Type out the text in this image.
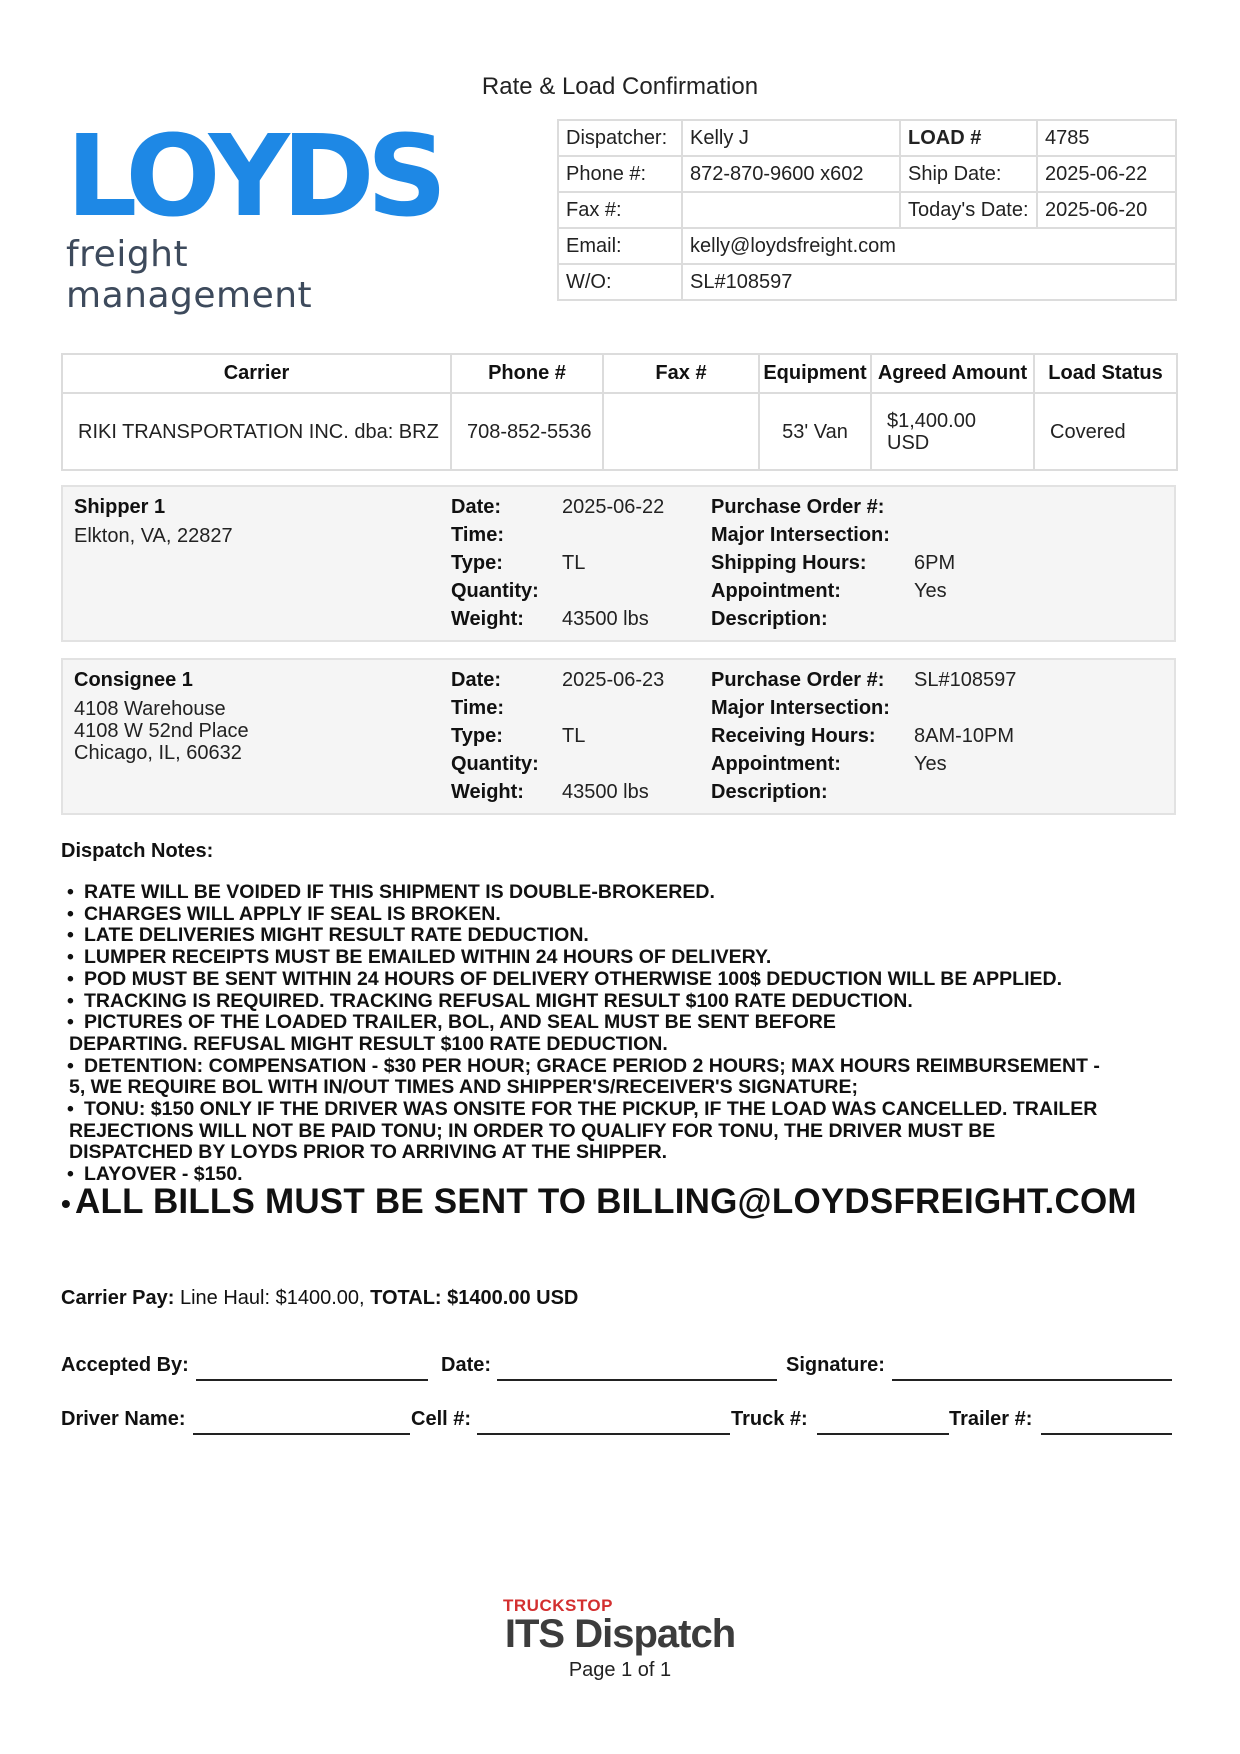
Rate & Load Confirmation
LOYDS
freight management
Dispatcher:	Kelly J	LOAD #	4785
Phone #:	872-870-9600 x602	Ship Date:	2025-06-22
Fax #:		Today's Date:	2025-06-20
Email:	kelly@loydsfreight.com		
W/O:	SL#108597		
Carrier	Phone #	Fax #	Equipment	Agreed Amount	Load Status
RIKI TRANSPORTATION INC. dba: BRZ	708-852-5536		53' Van	$1,400.00 USD	Covered
Shipper 1
Elkton, VA, 22827
Date:	2025-06-22
Time:
Type:	TL
Quantity:
Weight: 43500 lbs
Purchase Order #:
Major Intersection:
Shipping Hours: 6PM
Appointment:	Yes
Description:
Consignee 1
4108 Warehouse
4108 W 52nd Place
Chicago, IL, 60632
Date:	2025-06-23
Time:
Type:	TL
Quantity:
Weight: 43500 lbs
Purchase Order #: SL#108597
Major Intersection:
Receiving Hours: 8AM-10PM
Appointment:	Yes
Description:
Dispatch Notes:
• RATE WILL BE VOIDED IF THIS SHIPMENT IS DOUBLE-BROKERED.
• CHARGES WILL APPLY IF SEAL IS BROKEN.
• LATE DELIVERIES MIGHT RESULT RATE DEDUCTION.
• LUMPER RECEIPTS MUST BE EMAILED WITHIN 24 HOURS OF DELIVERY.
• POD MUST BE SENT WITHIN 24 HOURS OF DELIVERY OTHERWISE 100$ DEDUCTION WILL BE APPLIED.
• TRACKING IS REQUIRED. TRACKING REFUSAL MIGHT RESULT $100 RATE DEDUCTION.
• PICTURES OF THE LOADED TRAILER, BOL, AND SEAL MUST BE SENT BEFORE
DEPARTING. REFUSAL MIGHT RESULT $100 RATE DEDUCTION.
• DETENTION: COMPENSATION - $30 PER HOUR; GRACE PERIOD 2 HOURS; MAX HOURS REIMBURSEMENT -
5, WE REQUIRE BOL WITH IN/OUT TIMES AND SHIPPER'S/RECEIVER'S SIGNATURE;
• TONU: $150 ONLY IF THE DRIVER WAS ONSITE FOR THE PICKUP, IF THE LOAD WAS CANCELLED. TRAILER
REJECTIONS WILL NOT BE PAID TONU; IN ORDER TO QUALIFY FOR TONU, THE DRIVER MUST BE
DISPATCHED BY LOYDS PRIOR TO ARRIVING AT THE SHIPPER.
• LAYOVER - $150.
• ALL BILLS MUST BE SENT TO BILLING@LOYDSFREIGHT.COM
Carrier Pay: Line Haul: $1400.00, TOTAL: $1400.00 USD
Accepted By:	Date:	Signature:
Driver Name:	Cell #:	Truck #:	Trailer #:
TRUCKSTOP
ITS Dispatch
Page 1 of 1
